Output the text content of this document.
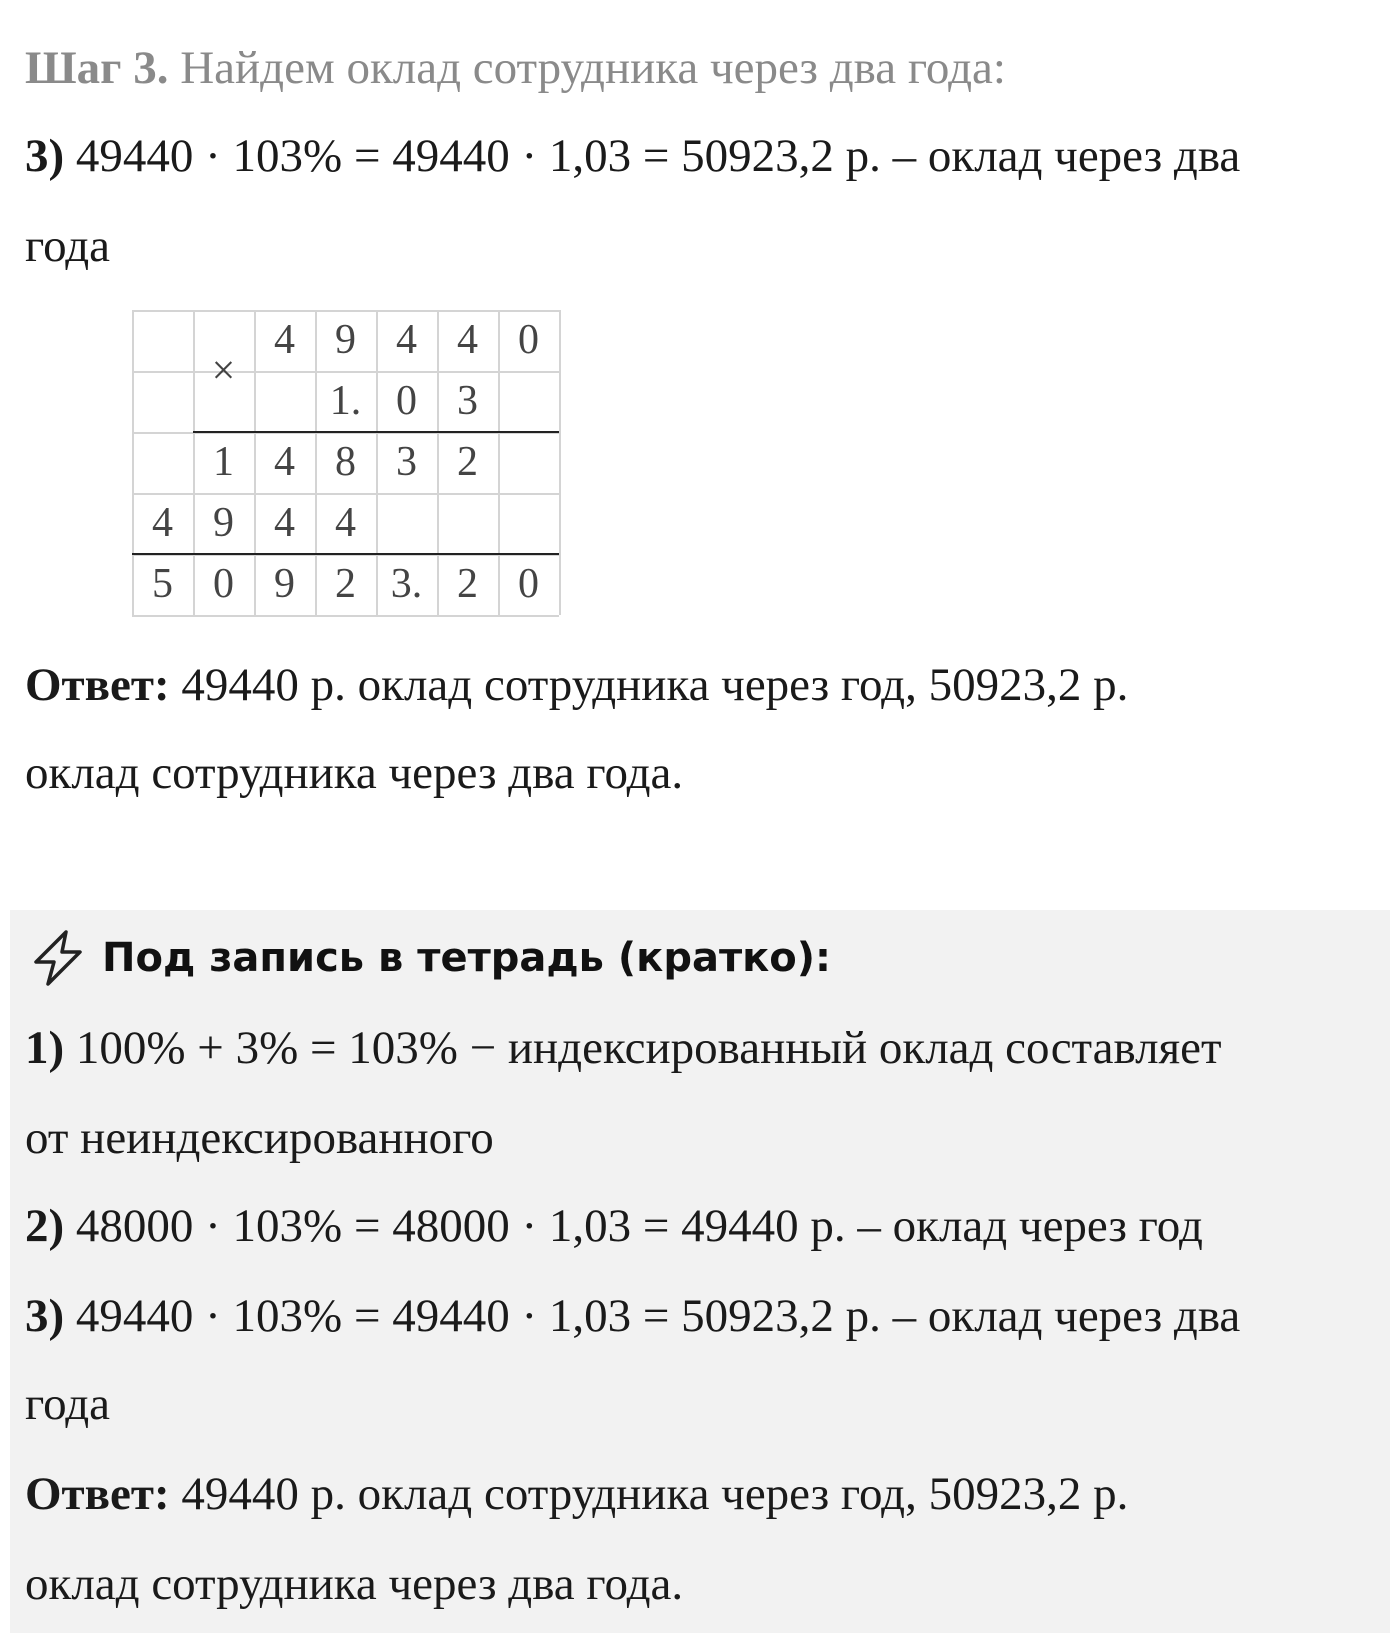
Шаг 3. Найдем оклад сотрудника через два года:
3) 49440 · 103% = 49440 · 1,03 = 50923,2 р. – оклад через два
года
×
4 9 4 4 0
1. 0 3
1 4 8 3 2
4 9 4 4
5 0 9 2 3. 2 0
Ответ: 49440 р. оклад сотрудника через год, 50923,2 р.
оклад сотрудника через два года.
Под запись в тетрадь (кратко):
1) 100% + 3% = 103% − индексированный оклад составляет
от неиндексированного
2) 48000 · 103% = 48000 · 1,03 = 49440 р. – оклад через год
3) 49440 · 103% = 49440 · 1,03 = 50923,2 р. – оклад через два
года
Ответ: 49440 р. оклад сотрудника через год, 50923,2 р.
оклад сотрудника через два года.
